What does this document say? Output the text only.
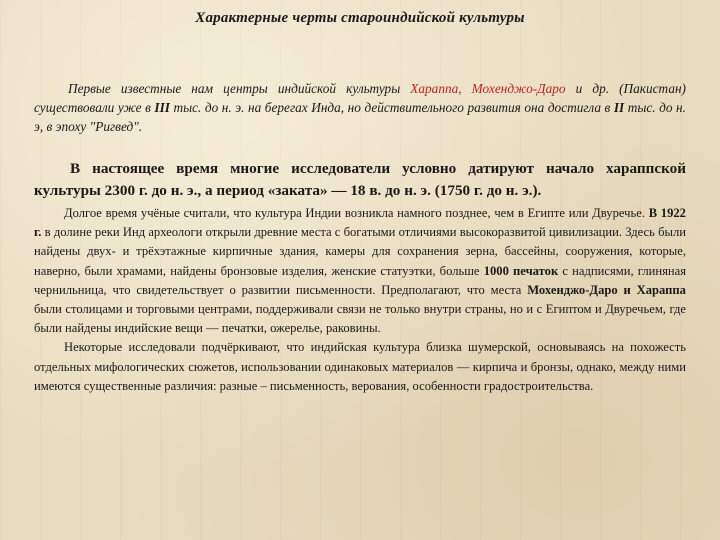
Характерные черты староиндийской культуры

Первые известные нам центры индийской культуры Хараппа, Мохенджо-Даро и др. (Пакистан) существовали уже в III тыс. до н. э. на берегах Инда, но действительного развития она достигла в II тыс. до н. э, в эпоху "Ригвед".

В настоящее время многие исследователи условно датируют начало хараппской культуры 2300 г. до н. э., а период «заката» — 18 в. до н. э. (1750 г. до н. э.).

Долгое время учёные считали, что культура Индии возникла намного позднее, чем в Египте или Двуречье. В 1922 г. в долине реки Инд археологи открыли древние места с богатыми отличиями высокоразвитой цивилизации. Здесь были найдены двух- и трёхэтажные кирпичные здания, камеры для сохранения зерна, бассейны, сооружения, которые, наверно, были храмами, найдены бронзовые изделия, женские статуэтки, больше 1000 печаток с надписями, глиняная чернильница, что свидетельствует о развитии письменности. Предполагают, что места Мохенджо-Даро и Хараппа были столицами и торговыми центрами, поддерживали связи не только внутри страны, но и с Египтом и Двуречьем, где были найдены индийские вещи — печатки, ожерелье, раковины.

Некоторые исследовали подчёркивают, что индийская культура близка шумерской, основываясь на похожесть отдельных мифологических сюжетов, использовании одинаковых материалов — кирпича и бронзы, однако, между ними имеются существенные различия: разные – письменность, верования, особенности градостроительства.
